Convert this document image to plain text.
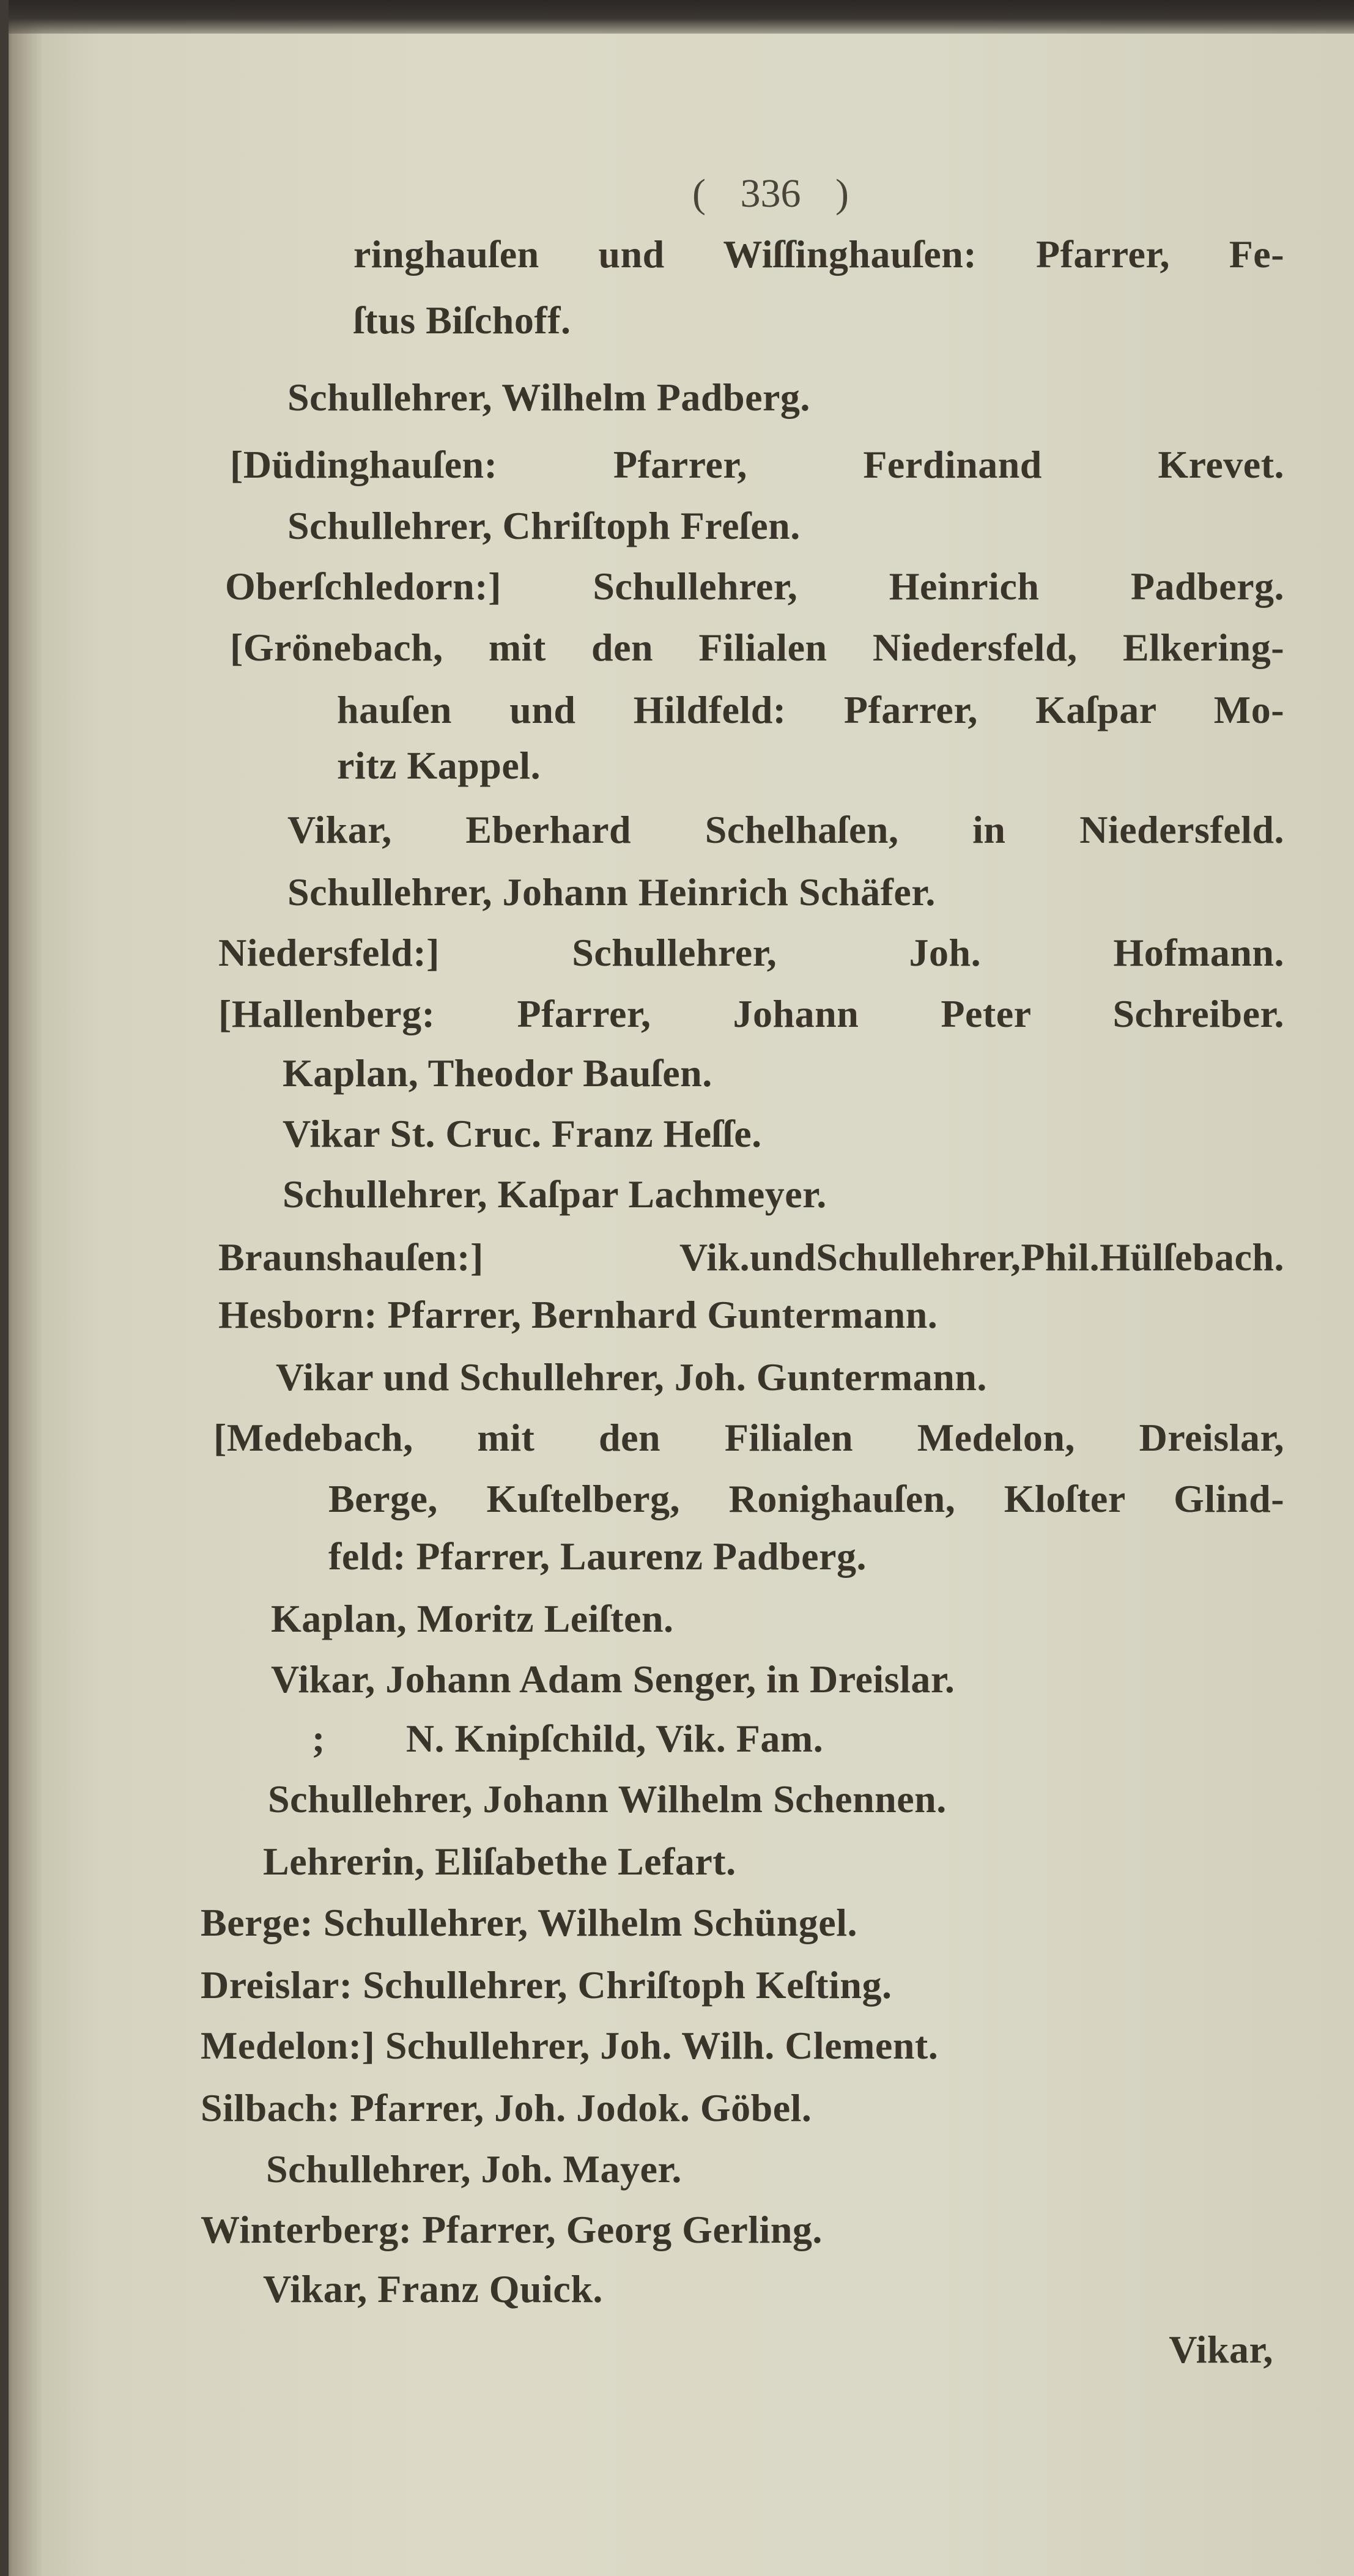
( 336 )
ringhauſen und Wiſſinghauſen: Pfarrer, Fe-
ſtus Biſchoff.
Schullehrer, Wilhelm Padberg.
[Düdinghauſen: Pfarrer, Ferdinand Krevet.
Schullehrer, Chriſtoph Freſen.
Oberſchledorn:] Schullehrer, Heinrich Padberg.
[Grönebach, mit den Filialen Niedersfeld, Elkering-
hauſen und Hildfeld: Pfarrer, Kaſpar Mo-
ritz Kappel.
Vikar, Eberhard Schelhaſen, in Niedersfeld.
Schullehrer, Johann Heinrich Schäfer.
Niedersfeld:] Schullehrer, Joh. Hofmann.
[Hallenberg: Pfarrer, Johann Peter Schreiber.
Kaplan, Theodor Bauſen.
Vikar St. Cruc. Franz Heſſe.
Schullehrer, Kaſpar Lachmeyer.
Braunshauſen:] Vik.undSchullehrer,Phil.Hülſebach.
Hesborn: Pfarrer, Bernhard Guntermann.
Vikar und Schullehrer, Joh. Guntermann.
[Medebach, mit den Filialen Medelon, Dreislar,
Berge, Kuſtelberg, Ronighauſen, Kloſter Glind-
feld: Pfarrer, Laurenz Padberg.
Kaplan, Moritz Leiſten.
Vikar, Johann Adam Senger, in Dreislar.
;        N. Knipſchild, Vik. Fam.
Schullehrer, Johann Wilhelm Schennen.
Lehrerin, Eliſabethe Lefart.
Berge: Schullehrer, Wilhelm Schüngel.
Dreislar: Schullehrer, Chriſtoph Keſting.
Medelon:] Schullehrer, Joh. Wilh. Clement.
Silbach: Pfarrer, Joh. Jodok. Göbel.
Schullehrer, Joh. Mayer.
Winterberg: Pfarrer, Georg Gerling.
Vikar, Franz Quick.
Vikar,
